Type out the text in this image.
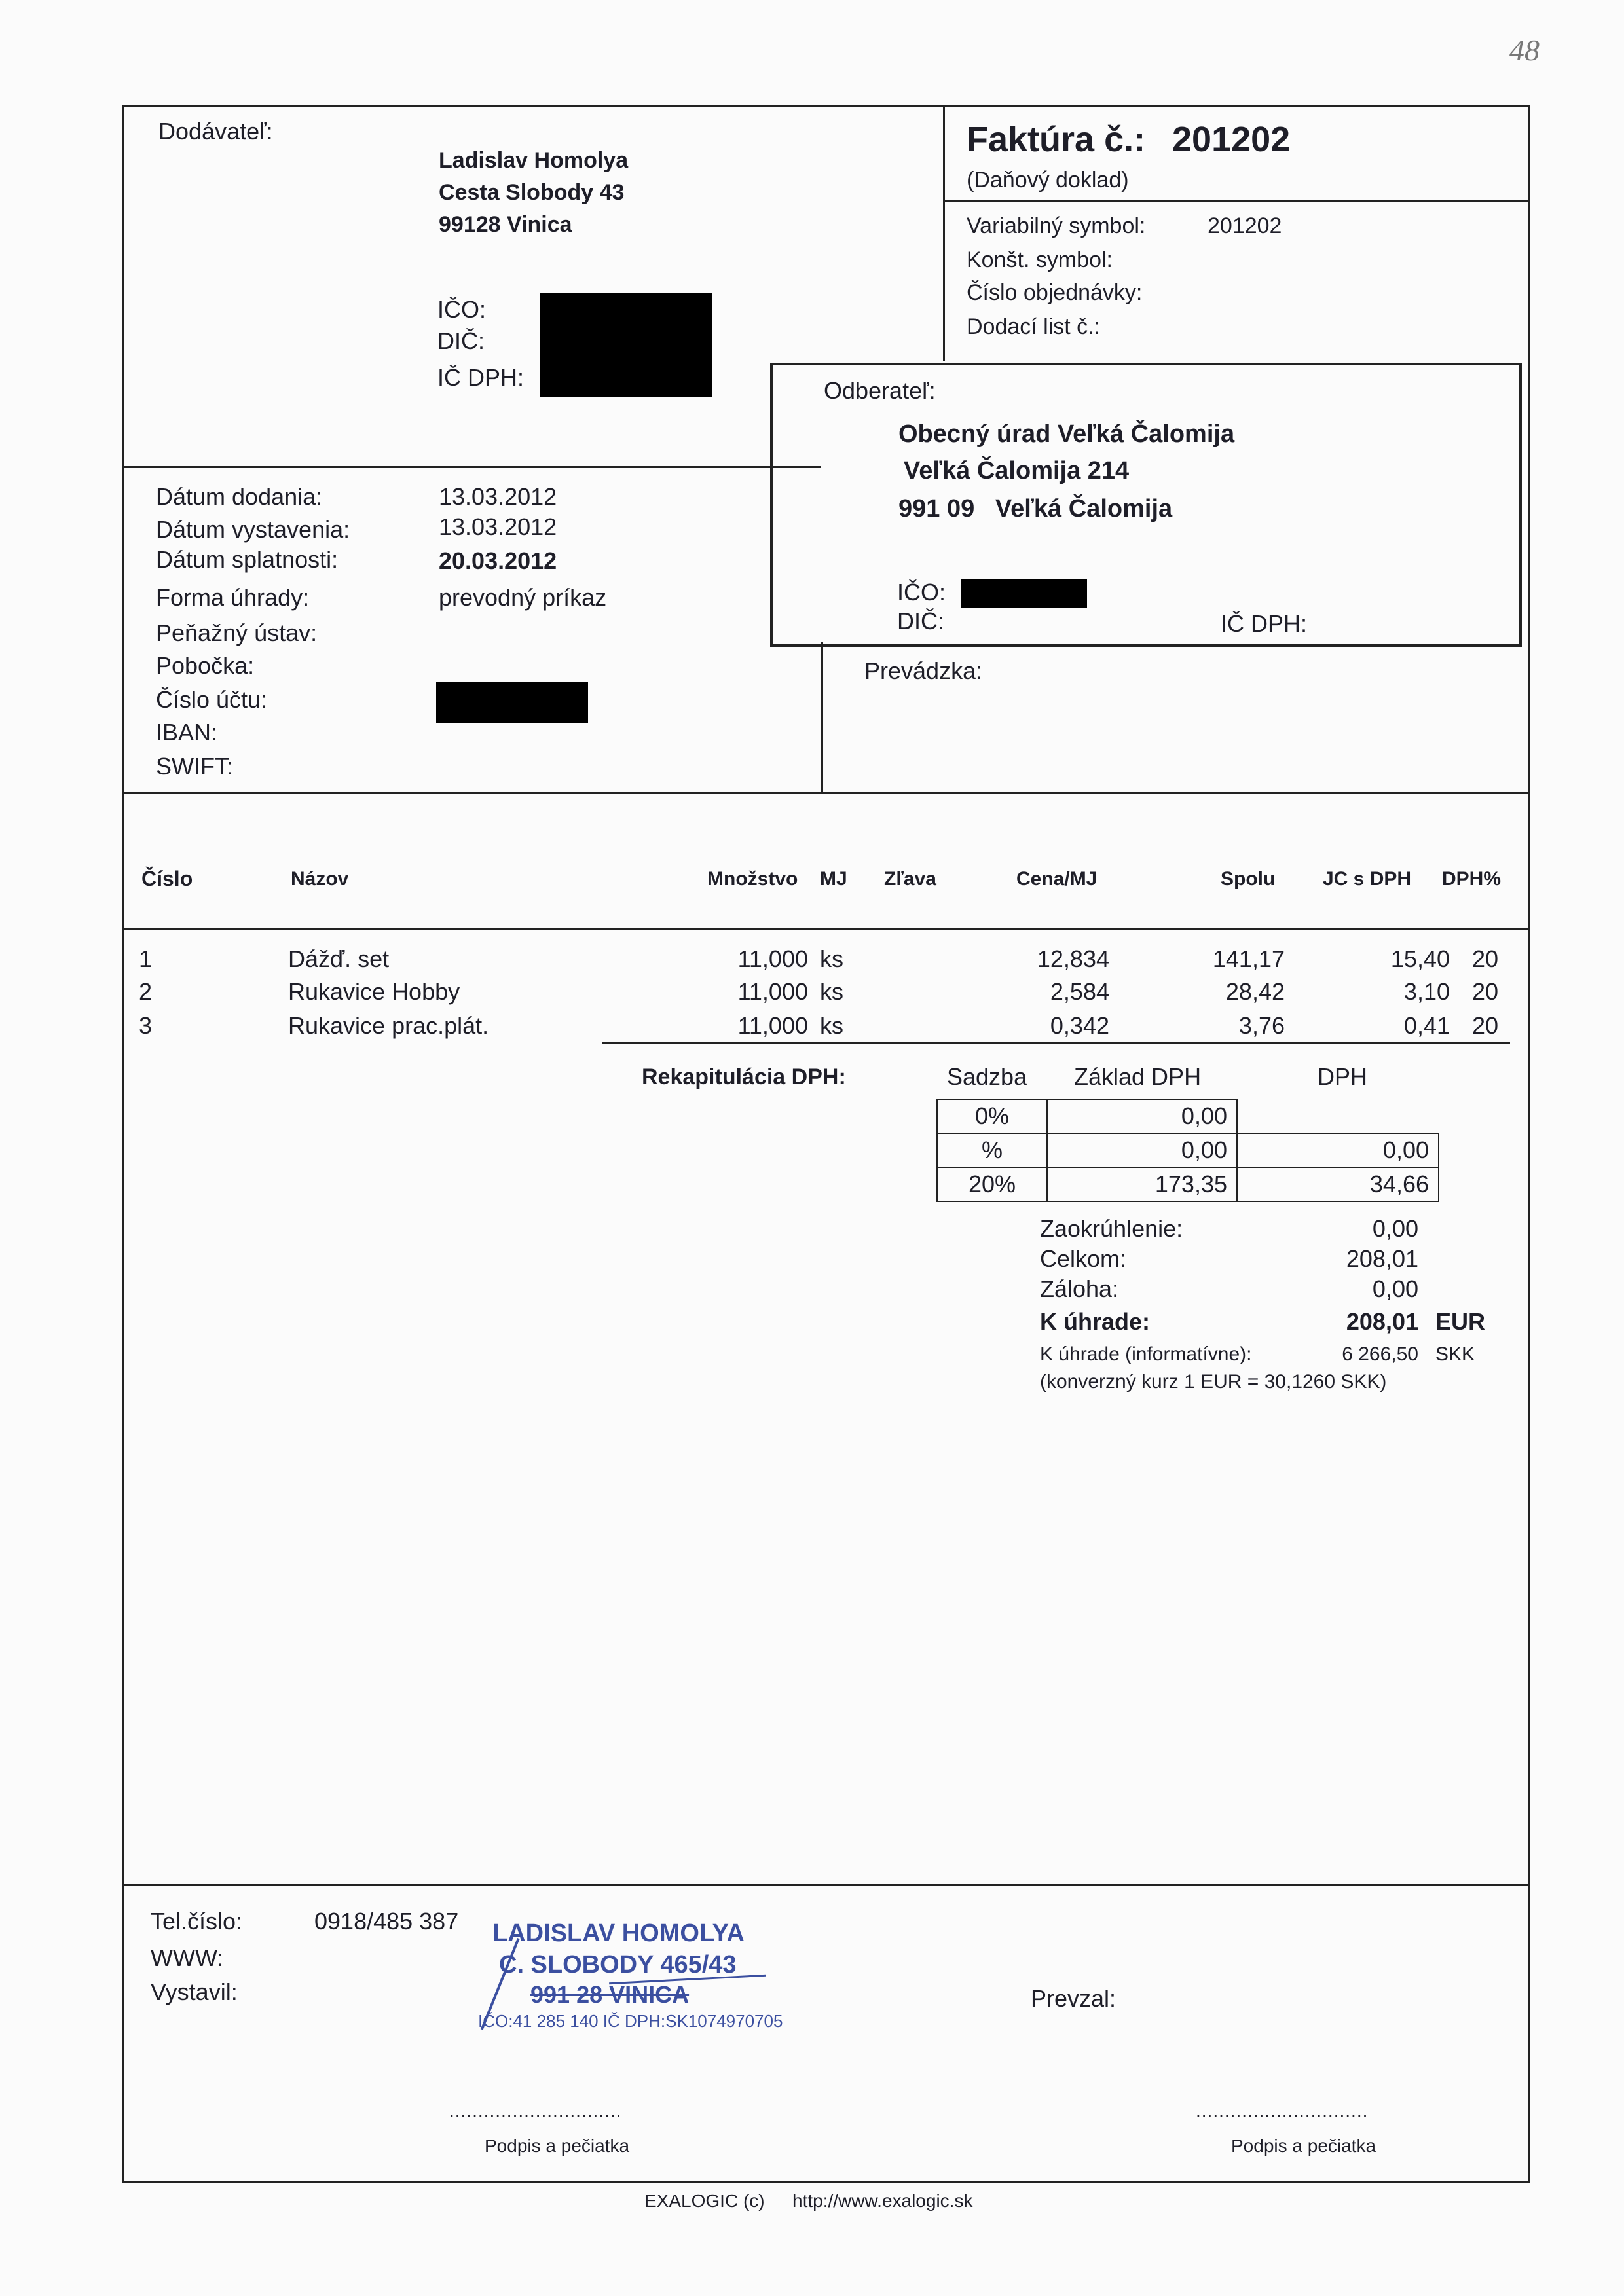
48
Dodávateľ:
Ladislav Homolya
Cesta Slobody 43
99128 Vinica
IČO:
DIČ:
IČ DPH:
Faktúra č.: 201202
(Daňový doklad)
Variabilný symbol:	201202
Konšt. symbol:
Číslo objednávky:
Dodací list č.:
Odberateľ:
Obecný úrad Veľká Čalomija
Veľká Čalomija 214
991 09   Veľká Čalomija
IČO:
DIČ:	IČ DPH:
Prevádzka:
Dátum dodania:	13.03.2012
Dátum vystavenia:	13.03.2012
Dátum splatnosti:	20.03.2012
Forma úhrady:	prevodný príkaz
Peňažný ústav:
Pobočka:
Číslo účtu:
IBAN:
SWIFT:
Číslo	Názov	Množstvo MJ Zľava	Cena/MJ	Spolu JC s DPH DPH%
1	Dážď. set	11,000 ks	12,834	141,17	15,40 20
2	Rukavice Hobby	11,000 ks	2,584	28,42	3,10 20
3	Rukavice prac.plát.	11,000 ks	0,342	3,76	0,41 20
Rekapitulácia DPH:	Sadzba Základ DPH	DPH
0%	0,00
%	0,00	0,00
20%	173,35	34,66
Zaokrúhlenie:	0,00
Celkom:	208,01
Záloha:	0,00
K úhrade:	208,01 EUR
K úhrade (informatívne):	6 266,50 SKK
(konverzný kurz 1 EUR = 30,1260 SKK)
Tel.číslo:	0918/485 387
WWW:
Vystavil:	Prevzal:
LADISLAV HOMOLYA
C. SLOBODY 465/43
991 28 VINICA
IČO:41 285 140 IČ DPH:SK1074970705
..............................
Podpis a pečiatka
..............................
Podpis a pečiatka
EXALOGIC (c) http://www.exalogic.sk
